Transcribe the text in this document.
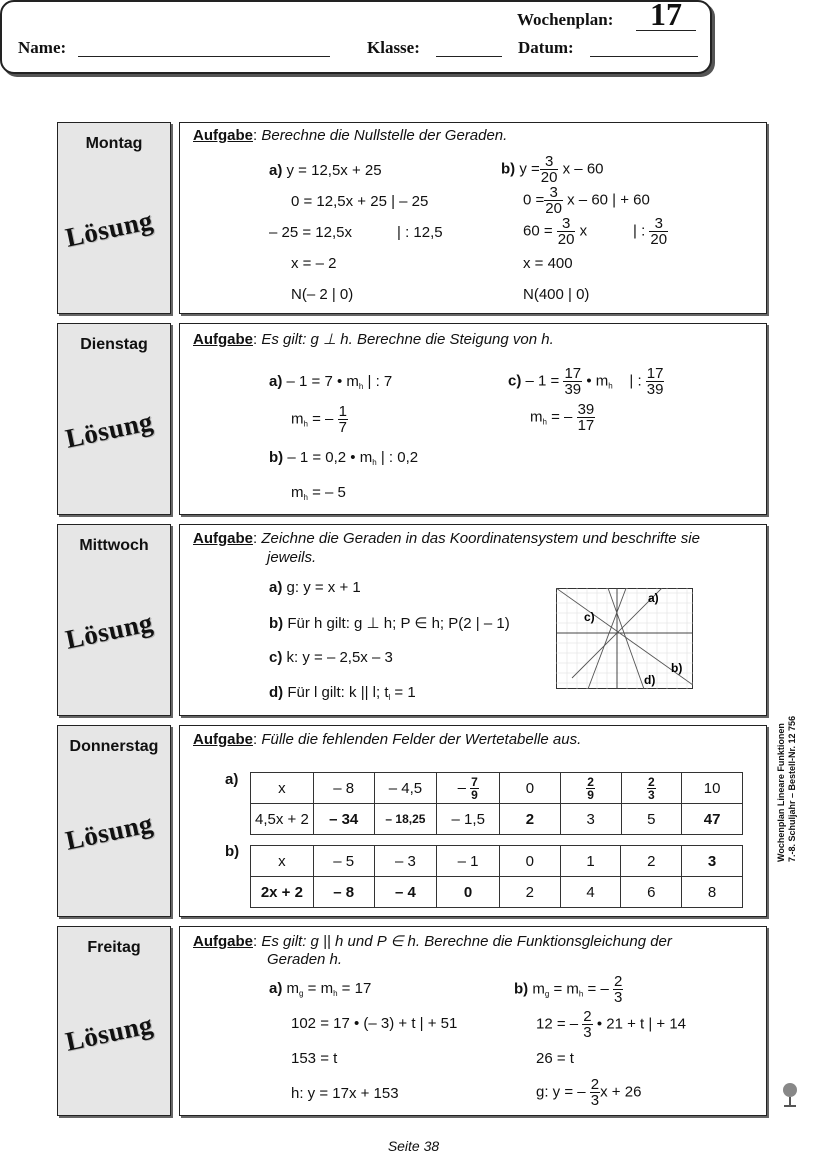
Wochenplan: 17
Name:	Klasse:	Datum:
Montag
Lösung
Aufgabe: Berechne die Nullstelle der Geraden.
a) y = 12,5x + 25
0 = 12,5x + 25 | – 25
– 25 = 12,5x	| : 12,5
x = – 2
N(– 2 | 0)
b) $y = \frac{3}{20}$ x – 60
$0 = \frac{3}{20}$ x – 60 | + 60
$60 = \frac{3}{20}$ x	| : $\frac{3}{20}$
x = 400
N(400 | 0)
Dienstag
Lösung
Aufgabe: Es gilt: g ⊥ h. Berechne die Steigung von h.
a) – 1 = 7 • $m_h$ | : 7
$m_h$ = – $\frac{1}{7}$
b) – 1 = 0,2 • $m_h$ | : 0,2
$m_h$ = – 5
$c) - 1 = \frac{17}{39}$ • $m_h$ | : $\frac{17}{39}$
$m_h$ = – $\frac{39}{17}$
Mittwoch
Lösung
Aufgabe: Zeichne die Geraden in das Koordinatensystem und beschrifte sie
jeweils.
a) g: y = x + 1
b) Für h gilt: g ⊥ h; P ∈ h; P(2 | – 1)
c) k: y = – 2,5x – 3
d) Für l gilt: k || l; $t_l = 1$
a)
b)
c)
d)
Donnerstag
Lösung
Aufgabe: Fülle die fehlenden Felder der Wertetabelle aus.
a)
b)
x	– 8	– 4,5	– $\frac{7}{9}$	0	$\frac{2}{9}$	$\frac{2}{3}$	10
4,5x + 2	– 34	– 18,25	– 1,5	2	3	5	47
x	– 5	– 3	– 1	0	1	2	3
2x + 2	– 8	– 4	0	2	4	6	8
Freitag
Lösung
Aufgabe: Es gilt: g || h und P ∈ h. Berechne die Funktionsgleichung der
Geraden h.
a) $m_g = m_h = 17$
102 = 17 • (– 3) + t | + 51
153 = t
h: y = 17x + 153
b) $m_g = m_h$ = – $\frac{2}{3}$
12 = – $\frac{2}{3}$ • 21 + t | + 14
26 = t
g: y = – $\frac{2}{3}$ x + 26
Wochenplan Lineare Funktionen 7.-8. Schuljahr – Bestell-Nr. 12 756
Seite 38
